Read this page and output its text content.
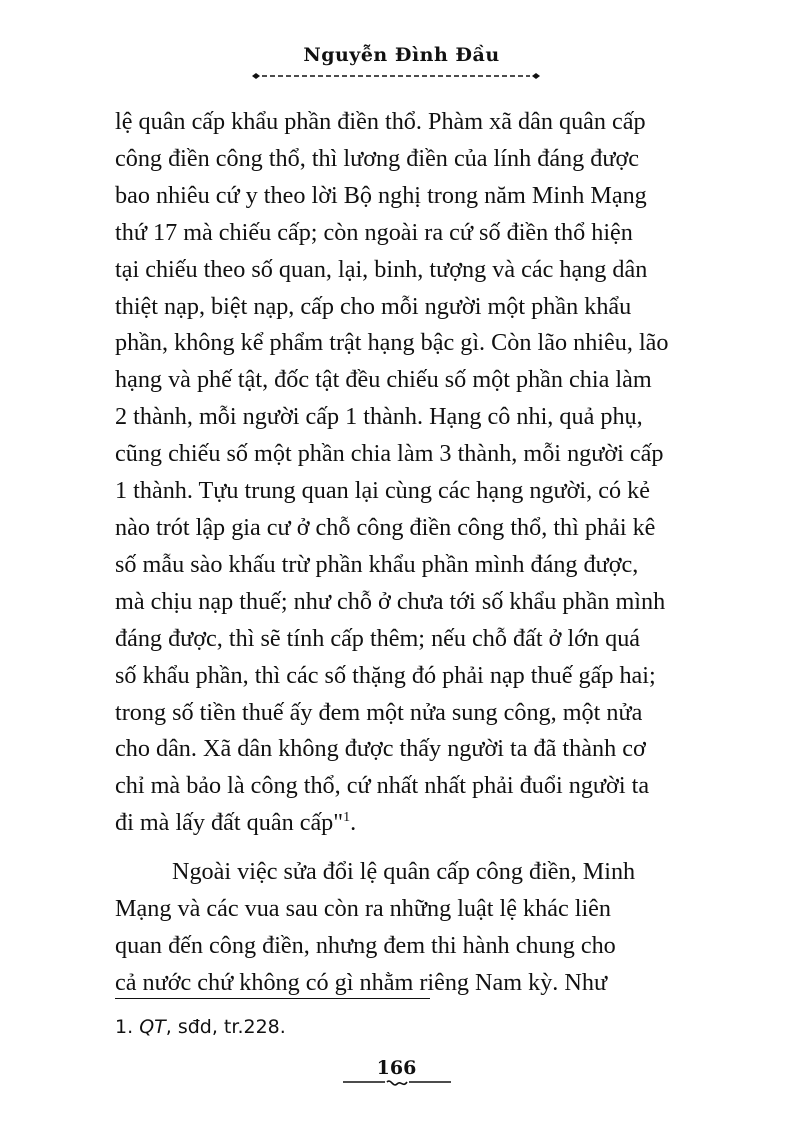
Nguyễn Đình Đầu

lệ quân cấp khẩu phần điền thổ. Phàm xã dân quân cấp
công điền công thổ, thì lương điền của lính đáng được
bao nhiêu cứ y theo lời Bộ nghị trong năm Minh Mạng
thứ 17 mà chiếu cấp; còn ngoài ra cứ số điền thổ hiện
tại chiếu theo số quan, lại, binh, tượng và các hạng dân
thiệt nạp, biệt nạp, cấp cho mỗi người một phần khẩu
phần, không kể phẩm trật hạng bậc gì. Còn lão nhiêu, lão
hạng và phế tật, đốc tật đều chiếu số một phần chia làm
2 thành, mỗi người cấp 1 thành. Hạng cô nhi, quả phụ,
cũng chiếu số một phần chia làm 3 thành, mỗi người cấp
1 thành. Tựu trung quan lại cùng các hạng người, có kẻ
nào trót lập gia cư ở chỗ công điền công thổ, thì phải kê
số mẫu sào khấu trừ phần khẩu phần mình đáng được,
mà chịu nạp thuế; như chỗ ở chưa tới số khẩu phần mình
đáng được, thì sẽ tính cấp thêm; nếu chỗ đất ở lớn quá
số khẩu phần, thì các số thặng đó phải nạp thuế gấp hai;
trong số tiền thuế ấy đem một nửa sung công, một nửa
cho dân. Xã dân không được thấy người ta đã thành cơ
chỉ mà bảo là công thổ, cứ nhất nhất phải đuổi người ta
đi mà lấy đất quân cấp"$^1$.

Ngoài việc sửa đổi lệ quân cấp công điền, Minh
Mạng và các vua sau còn ra những luật lệ khác liên
quan đến công điền, nhưng đem thi hành chung cho
cả nước chứ không có gì nhằm riêng Nam kỳ. Như

1. QT, sđd, tr.228.
166
